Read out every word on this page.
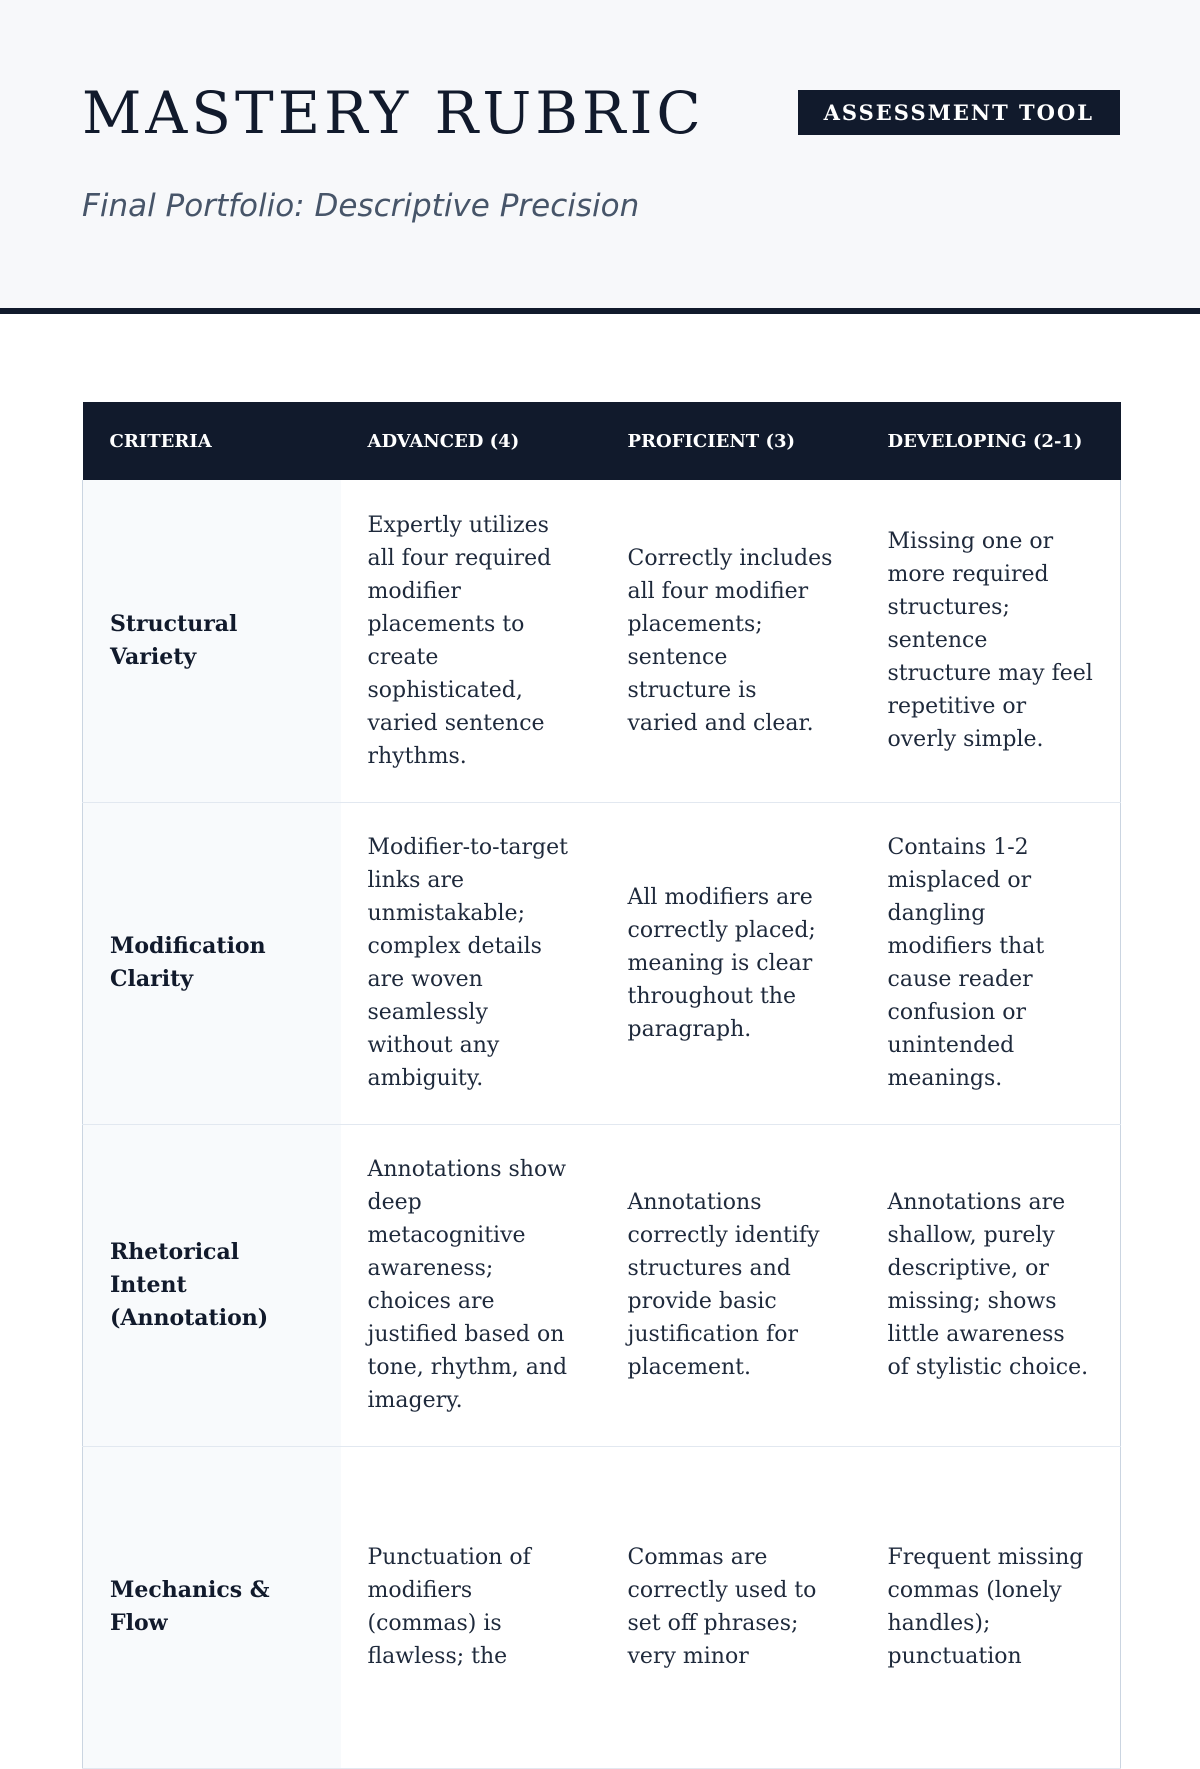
MASTERY RUBRIC	ASSESSMENT TOOL

Final Portfolio: Descriptive Precision

CRITERIA	ADVANCED (4)	PROFICIENT (3)	DEVELOPING (2-1)
Structural Variety	Expertly utilizes all four required modifier placements to create sophisticated, varied sentence rhythms.	Correctly includes all four modifier placements; sentence structure is varied and clear.	Missing one or more required structures; sentence structure may feel repetitive or overly simple.
Modification Clarity	Modifier-to-target links are unmistakable; complex details are woven seamlessly without any ambiguity.	All modifiers are correctly placed; meaning is clear throughout the paragraph.	Contains 1-2 misplaced or dangling modifiers that cause reader confusion or unintended meanings.
Rhetorical Intent (Annotation)	Annotations show deep metacognitive awareness; choices are justified based on tone, rhythm, and imagery.	Annotations correctly identify structures and provide basic justification for placement.	Annotations are shallow, purely descriptive, or missing; shows little awareness of stylistic choice.
Mechanics & Flow	Punctuation of modifiers (commas) is flawless; the	Commas are correctly used to set off phrases; very minor	Frequent missing commas (lonely handles); punctuation
